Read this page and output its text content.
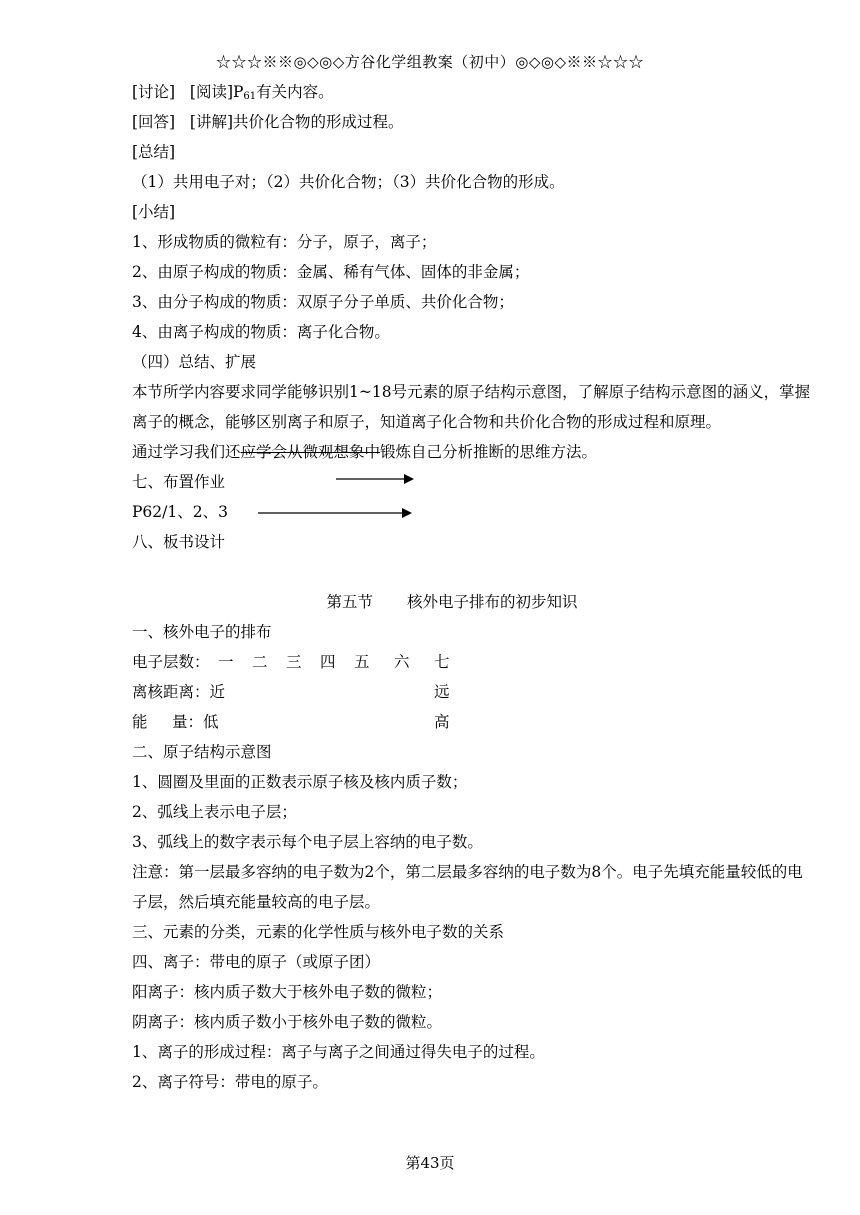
☆☆☆※※◎◇◎◇方谷化学组教案（初中）◎◇◎◇※※☆☆☆
[讨论] [阅读]$P_{61}$有关内容。
[回答] [讲解]共价化合物的形成过程。
[总结]
（1）共用电子对；（2）共价化合物；（3）共价化合物的形成。
[小结]
1、形成物质的微粒有：分子，原子，离子；
2、由原子构成的物质：金属、稀有气体、固体的非金属；
3、由分子构成的物质：双原子分子单质、共价化合物；
4、由离子构成的物质：离子化合物。
（四）总结、扩展
本节所学内容要求同学能够识别1~18号元素的原子结构示意图，了解原子结构示意图的涵义，掌握离子的概念，能够区别离子和原子，知道离子化合物和共价化合物的形成过程和原理。
通过学习我们还应学会从微观想象中锻炼自己分析推断的思维方法。
七、布置作业
P62/1、2、3
八、板书设计
第五节 核外电子排布的初步知识
一、核外电子的排布
电子层数： 一 二 三 四 五 六 七
离核距离：近	远
能 量：低	高
二、原子结构示意图
1、圆圈及里面的正数表示原子核及核内质子数；
2、弧线上表示电子层；
3、弧线上的数字表示每个电子层上容纳的电子数。
注意：第一层最多容纳的电子数为2个，第二层最多容纳的电子数为8个。电子先填充能量较低的电子层，然后填充能量较高的电子层。
三、元素的分类，元素的化学性质与核外电子数的关系
四、离子：带电的原子（或原子团）
阳离子：核内质子数大于核外电子数的微粒；
阴离子：核内质子数小于核外电子数的微粒。
1、离子的形成过程：离子与离子之间通过得失电子的过程。
2、离子符号：带电的原子。
第43页
